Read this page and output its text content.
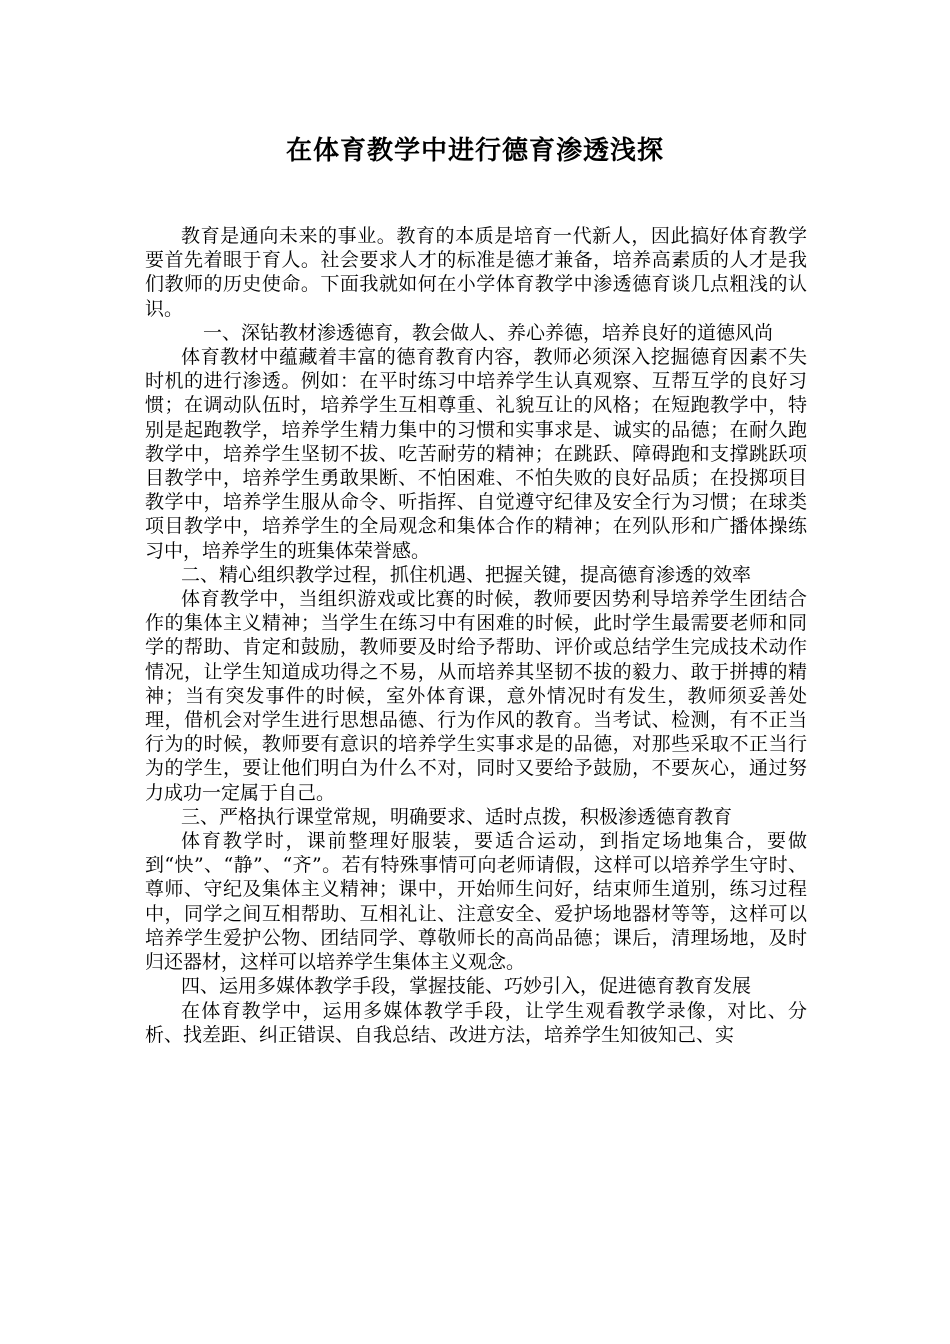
在体育教学中进行德育渗透浅探

教育是通向未来的事业。教育的本质是培育一代新人，因此搞好体育教学要首先着眼于育人。社会要求人才的标准是德才兼备，培养高素质的人才是我们教师的历史使命。下面我就如何在小学体育教学中渗透德育谈几点粗浅的认识。

一、深钻教材渗透德育，教会做人、养心养德，培养良好的道德风尚

体育教材中蕴藏着丰富的德育教育内容，教师必须深入挖掘德育因素不失时机的进行渗透。例如：在平时练习中培养学生认真观察、互帮互学的良好习惯；在调动队伍时，培养学生互相尊重、礼貌互让的风格；在短跑教学中，特别是起跑教学，培养学生精力集中的习惯和实事求是、诚实的品德；在耐久跑教学中，培养学生坚韧不拔、吃苦耐劳的精神；在跳跃、障碍跑和支撑跳跃项目教学中，培养学生勇敢果断、不怕困难、不怕失败的良好品质；在投掷项目教学中，培养学生服从命令、听指挥、自觉遵守纪律及安全行为习惯；在球类项目教学中，培养学生的全局观念和集体合作的精神；在列队形和广播体操练习中，培养学生的班集体荣誉感。

二、精心组织教学过程，抓住机遇、把握关键，提高德育渗透的效率

体育教学中，当组织游戏或比赛的时候，教师要因势利导培养学生团结合作的集体主义精神；当学生在练习中有困难的时候，此时学生最需要老师和同学的帮助、肯定和鼓励，教师要及时给予帮助、评价或总结学生完成技术动作情况，让学生知道成功得之不易，从而培养其坚韧不拔的毅力、敢于拼搏的精神；当有突发事件的时候，室外体育课，意外情况时有发生，教师须妥善处理，借机会对学生进行思想品德、行为作风的教育。当考试、检测，有不正当行为的时候，教师要有意识的培养学生实事求是的品德，对那些采取不正当行为的学生，要让他们明白为什么不对，同时又要给予鼓励，不要灰心，通过努力成功一定属于自己。

三、严格执行课堂常规，明确要求、适时点拨，积极渗透德育教育

体育教学时，课前整理好服装，要适合运动，到指定场地集合，要做到“快”、“静”、“齐”。若有特殊事情可向老师请假，这样可以培养学生守时、尊师、守纪及集体主义精神；课中，开始师生问好，结束师生道别，练习过程中，同学之间互相帮助、互相礼让、注意安全、爱护场地器材等等，这样可以培养学生爱护公物、团结同学、尊敬师长的高尚品德；课后，清理场地，及时归还器材，这样可以培养学生集体主义观念。

四、运用多媒体教学手段，掌握技能、巧妙引入，促进德育教育发展

在体育教学中，运用多媒体教学手段，让学生观看教学录像，对比、分析、找差距、纠正错误、自我总结、改进方法，培养学生知彼知己、实
